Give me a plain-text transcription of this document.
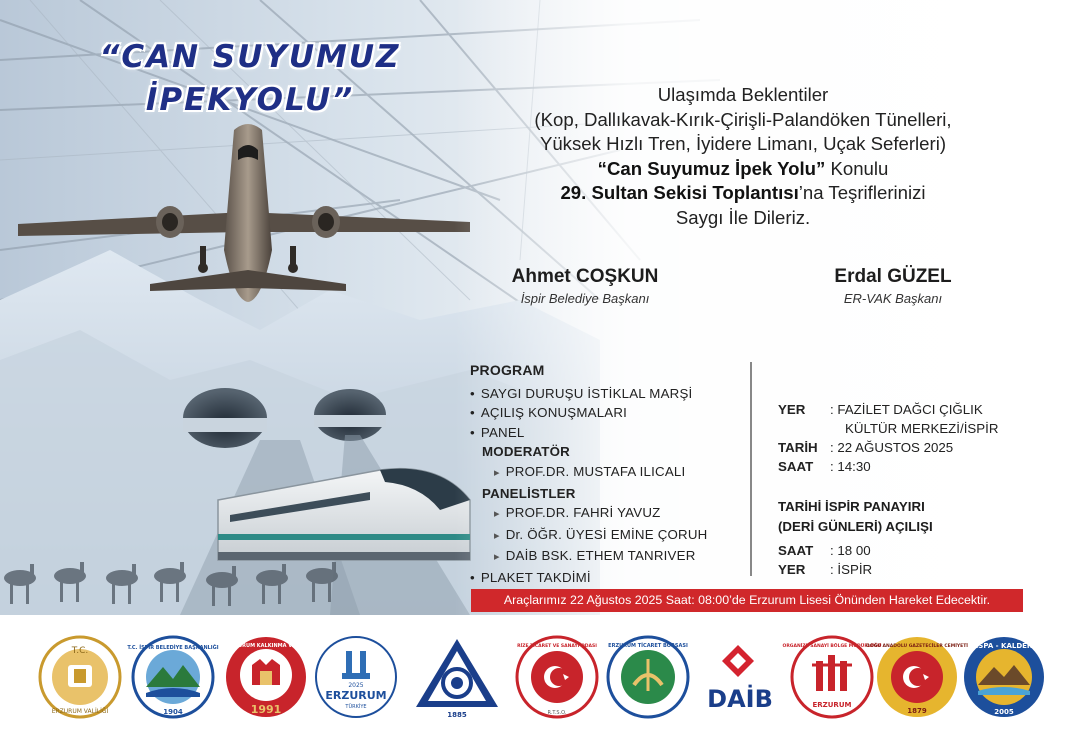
“CAN SUYUMUZ
İPEKYOLU”	Ulaşımda Beklentiler
(Kop, Dallıkavak-Kırık-Çirişli-Palandöken Tünelleri,
Yüksek Hızlı Tren, İyidere Limanı, Uçak Seferleri)
“Can Suyumuz İpek Yolu” Konulu
29. Sultan Sekisi Toplantısı’na Teşriflerinizi
Saygı İle Dileriz.
Ahmet COŞKUN
İspir Belediye Başkanı
Erdal GÜZEL
ER-VAK Başkanı
PROGRAM
• SAYGI DURUŞU İSTİKLAL MARŞİ
• AÇILIŞ KONUŞMALARI
• PANEL
MODERATÖR
▸ PROF.DR. MUSTAFA ILICALI
PANELİSTLER
▸ PROF.DR. FAHRİ YAVUZ
▸ Dr. ÖĞR. ÜYESİ EMİNE ÇORUH
▸ DAİB BSK. ETHEM TANRIVER
• PLAKET TAKDİMİ
YER	: FAZİLET DAĞCI ÇIĞLIK
KÜLTÜR MERKEZİ/İSPİR
TARİH : 22 AĞUSTOS 2025
SAAT	: 14:30
TARİHİ İSPİR PANAYIRI
(DERİ GÜNLERİ) AÇILIŞI
SAAT	: 18 00
YER	: İSPİR
Araçlarımız 22 Ağustos 2025 Saat: 08:00’de Erzurum Lisesi Önünden Hareket Edecektir.
T.C.
ERZURUM VALİLİĞİ
T.C. İSPİR BELEDİYE BAŞKANLIĞI
1904
ERZURUM KALKINMA VAKFI
1991
2025
ERZURUM
TÜRKİYE
1885
RİZE TİCARET VE SANAYİ ODASI
R.T.S.O.
ERZURUM TİCARET BORSASI
DAİB
ORGANİZE SANAYİ BÖLGE MÜDÜRLÜĞÜ
ERZURUM
DOĞU ANADOLU GAZETECİLER CEMİYETİ
1879
İSPA - KALDER
2005
